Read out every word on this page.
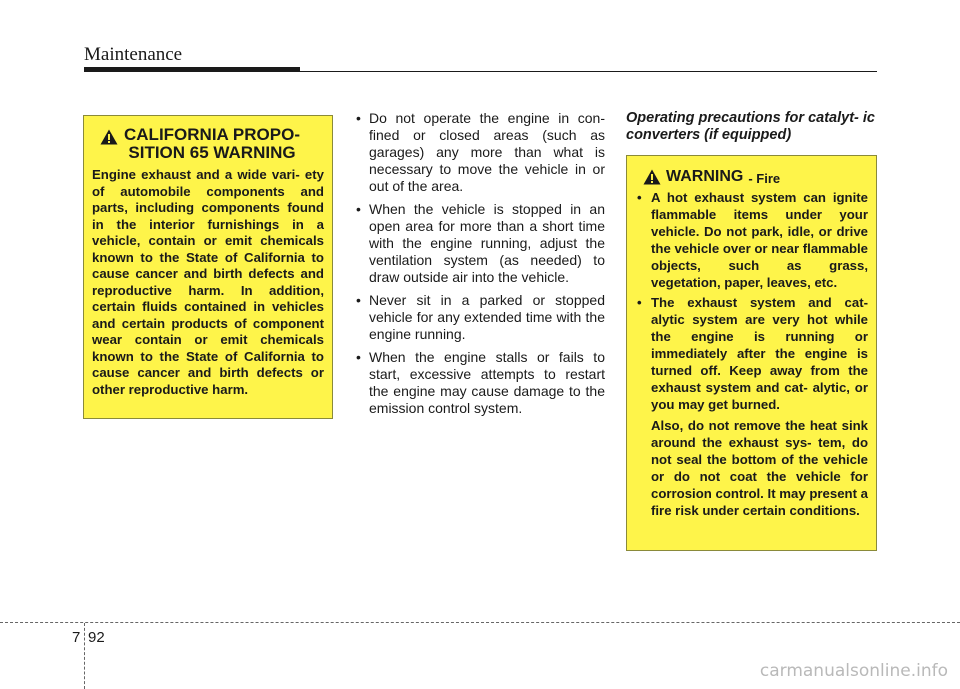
Maintenance
CALIFORNIA PROPO-
SITION 65 WARNING
Engine exhaust and a wide vari- ety of automobile components and parts, including components found in the interior furnishings in a vehicle, contain or emit chemicals known to the State of California to cause cancer and birth defects and reproductive harm. In addition, certain fluids contained in vehicles and certain products of component wear contain or emit chemicals known to the State of California to cause cancer and birth defects or other reproductive harm.
• Do not operate the engine in con- fined or closed areas (such as garages) any more than what is necessary to move the vehicle in or out of the area.
• When the vehicle is stopped in an open area for more than a short time with the engine running, adjust the ventilation system (as needed) to draw outside air into the vehicle.
• Never sit in a parked or stopped vehicle for any extended time with the engine running.
• When the engine stalls or fails to start, excessive attempts to restart the engine may cause damage to the emission control system.
Operating precautions for catalyt- ic converters (if equipped)
WARNING - Fire
• A hot exhaust system can ignite flammable items under your vehicle. Do not park, idle, or drive the vehicle over or near flammable objects, such as grass, vegetation, paper, leaves, etc.
• The exhaust system and cat- alytic system are very hot while the engine is running or immediately after the engine is turned off. Keep away from the exhaust system and cat- alytic, or you may get burned.
Also, do not remove the heat sink around the exhaust sys- tem, do not seal the bottom of the vehicle or do not coat the vehicle for corrosion control. It may present a fire risk under certain conditions.
7 92
carmanualsonline.info
